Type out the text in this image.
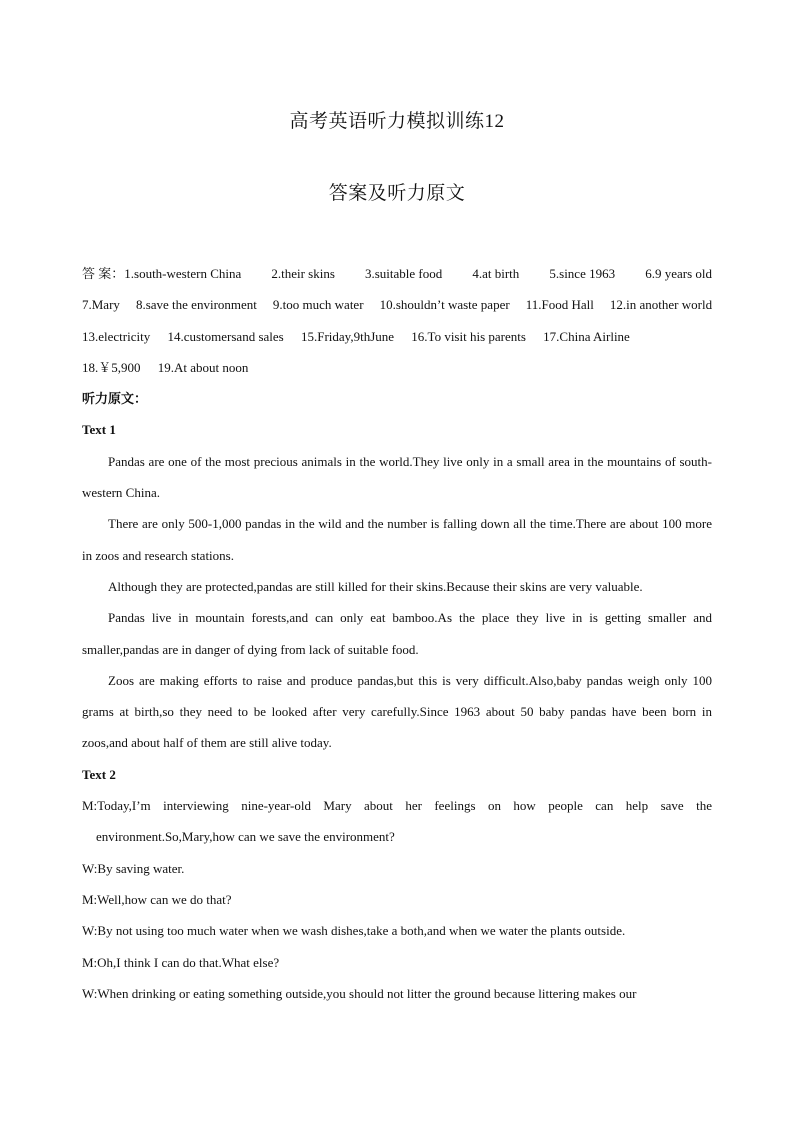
高考英语听力模拟训练12
答案及听力原文
答 案：1.south-western China 2.their skins 3.suitable food 4.at birth 5.since 1963 6.9 years old
7.Mary 8.save the environment 9.too much water 10.shouldn’t waste paper 11.Food Hall 12.in another world
13.electricity 14.customersand sales 15.Friday,9thJune 16.To visit his parents 17.China Airline
18.￥5,900 19.At about noon
听力原文：
Text 1

Pandas are one of the most precious animals in the world.They live only in a small area in the mountains of south-western China.

There are only 500-1,000 pandas in the wild and the number is falling down all the time.There are about 100 more in zoos and research stations.

Although they are protected,pandas are still killed for their skins.Because their skins are very valuable.

Pandas live in mountain forests,and can only eat bamboo.As the place they live in is getting smaller and smaller,pandas are in danger of dying from lack of suitable food.

Zoos are making efforts to raise and produce pandas,but this is very difficult.Also,baby pandas weigh only 100 grams at birth,so they need to be looked after very carefully.Since 1963 about 50 baby pandas have been born in zoos,and about half of them are still alive today.

Text 2

M:Today,I’m interviewing nine-year-old Mary about her feelings on how people can help save the environment.So,Mary,how can we save the environment?

W:By saving water.

M:Well,how can we do that?

W:By not using too much water when we wash dishes,take a both,and when we water the plants outside.

M:Oh,I think I can do that.What else?

W:When drinking or eating something outside,you should not litter the ground because littering makes our
